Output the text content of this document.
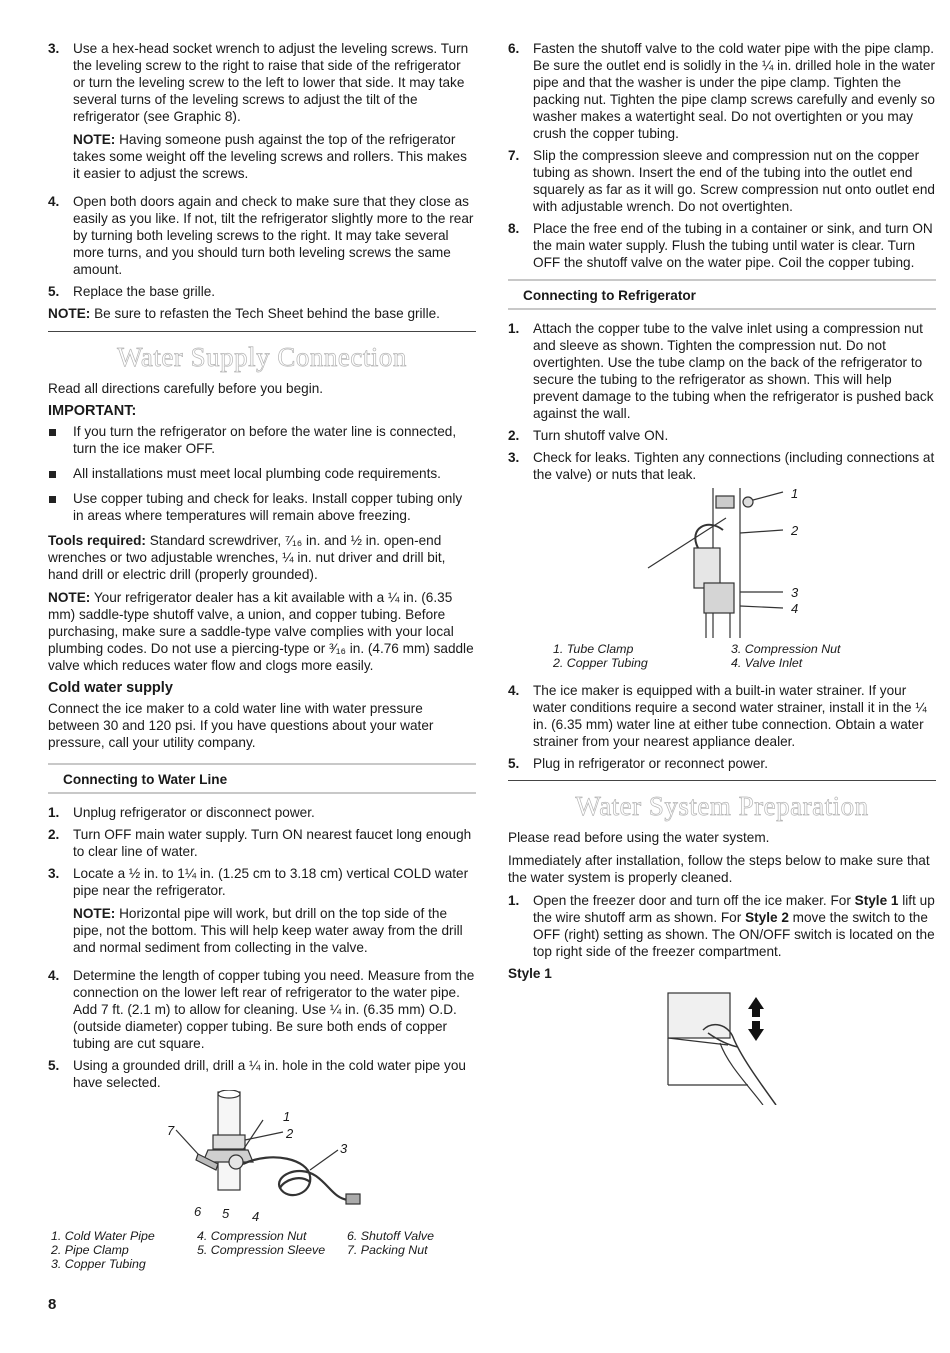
3.	Use a hex-head socket wrench to adjust the leveling screws. Turn the leveling screw to the right to raise that side of the refrigerator or turn the leveling screw to the left to lower that side. It may take several turns of the leveling screws to adjust the tilt of the refrigerator (see Graphic 8).

NOTE: Having someone push against the top of the refrigerator takes some weight off the leveling screws and rollers. This makes it easier to adjust the screws.

4.	Open both doors again and check to make sure that they close as easily as you like. If not, tilt the refrigerator slightly more to the rear by turning both leveling screws to the right. It may take several more turns, and you should turn both leveling screws the same amount.
5.	Replace the base grille.

NOTE: Be sure to refasten the Tech Sheet behind the base grille.

Water Supply Connection

Read all directions carefully before you begin.

IMPORTANT:
If you turn the refrigerator on before the water line is connected, turn the ice maker OFF.
All installations must meet local plumbing code requirements.
Use copper tubing and check for leaks. Install copper tubing only in areas where temperatures will remain above freezing.

Tools required: Standard screwdriver, ⁷⁄₁₆ in. and ½ in. open-end wrenches or two adjustable wrenches, ¼ in. nut driver and drill bit, hand drill or electric drill (properly grounded).

NOTE: Your refrigerator dealer has a kit available with a ¼ in. (6.35 mm) saddle-type shutoff valve, a union, and copper tubing. Before purchasing, make sure a saddle-type valve complies with your local plumbing codes. Do not use a piercing-type or ³⁄₁₆ in. (4.76 mm) saddle valve which reduces water flow and clogs more easily.

Cold water supply

Connect the ice maker to a cold water line with water pressure between 30 and 120 psi. If you have questions about your water pressure, call your utility company.

Connecting to Water Line
1.	Unplug refrigerator or disconnect power.
2.	Turn OFF main water supply. Turn ON nearest faucet long enough to clear line of water.
3.	Locate a ½ in. to 1¼ in. (1.25 cm to 3.18 cm) vertical COLD water pipe near the refrigerator.

NOTE: Horizontal pipe will work, but drill on the top side of the pipe, not the bottom. This will help keep water away from the drill and normal sediment from collecting in the valve.

4.	Determine the length of copper tubing you need. Measure from the connection on the lower left rear of refrigerator to the water pipe. Add 7 ft. (2.1 m) to allow for cleaning. Use ¼ in. (6.35 mm) O.D. (outside diameter) copper tubing. Be sure both ends of copper tubing are cut square.
5.	Using a grounded drill, drill a ¼ in. hole in the cold water pipe you have selected.
1
2
3
4
5
6
7
1. Cold Water Pipe	4. Compression Nut	6. Shutoff Valve
2. Pipe Clamp	5. Compression Sleeve	7. Packing Nut
3. Copper Tubing
6.	Fasten the shutoff valve to the cold water pipe with the pipe clamp. Be sure the outlet end is solidly in the ¼ in. drilled hole in the water pipe and that the washer is under the pipe clamp. Tighten the packing nut. Tighten the pipe clamp screws carefully and evenly so washer makes a watertight seal. Do not overtighten or you may crush the copper tubing.
7.	Slip the compression sleeve and compression nut on the copper tubing as shown. Insert the end of the tubing into the outlet end squarely as far as it will go. Screw compression nut onto outlet end with adjustable wrench. Do not overtighten.
8.	Place the free end of the tubing in a container or sink, and turn ON the main water supply. Flush the tubing until water is clear. Turn OFF the shutoff valve on the water pipe. Coil the copper tubing.
Connecting to Refrigerator
1.	Attach the copper tube to the valve inlet using a compression nut and sleeve as shown. Tighten the compression nut. Do not overtighten. Use the tube clamp on the back of the refrigerator to secure the tubing to the refrigerator as shown. This will help prevent damage to the tubing when the refrigerator is pushed back against the wall.
2.	Turn shutoff valve ON.
3.	Check for leaks. Tighten any connections (including connections at the valve) or nuts that leak.
1
2
3
4
1. Tube Clamp	3. Compression Nut
2. Copper Tubing	4. Valve Inlet
4.	The ice maker is equipped with a built-in water strainer. If your water conditions require a second water strainer, install it in the ¼ in. (6.35 mm) water line at either tube connection. Obtain a water strainer from your nearest appliance dealer.
5.	Plug in refrigerator or reconnect power.
Water System Preparation

Please read before using the water system.

Immediately after installation, follow the steps below to make sure that the water system is properly cleaned.

1.	Open the freezer door and turn off the ice maker. For Style 1 lift up the wire shutoff arm as shown. For Style 2 move the switch to the OFF (right) setting as shown. The ON/OFF switch is located on the top right side of the freezer compartment.
Style 1
8
